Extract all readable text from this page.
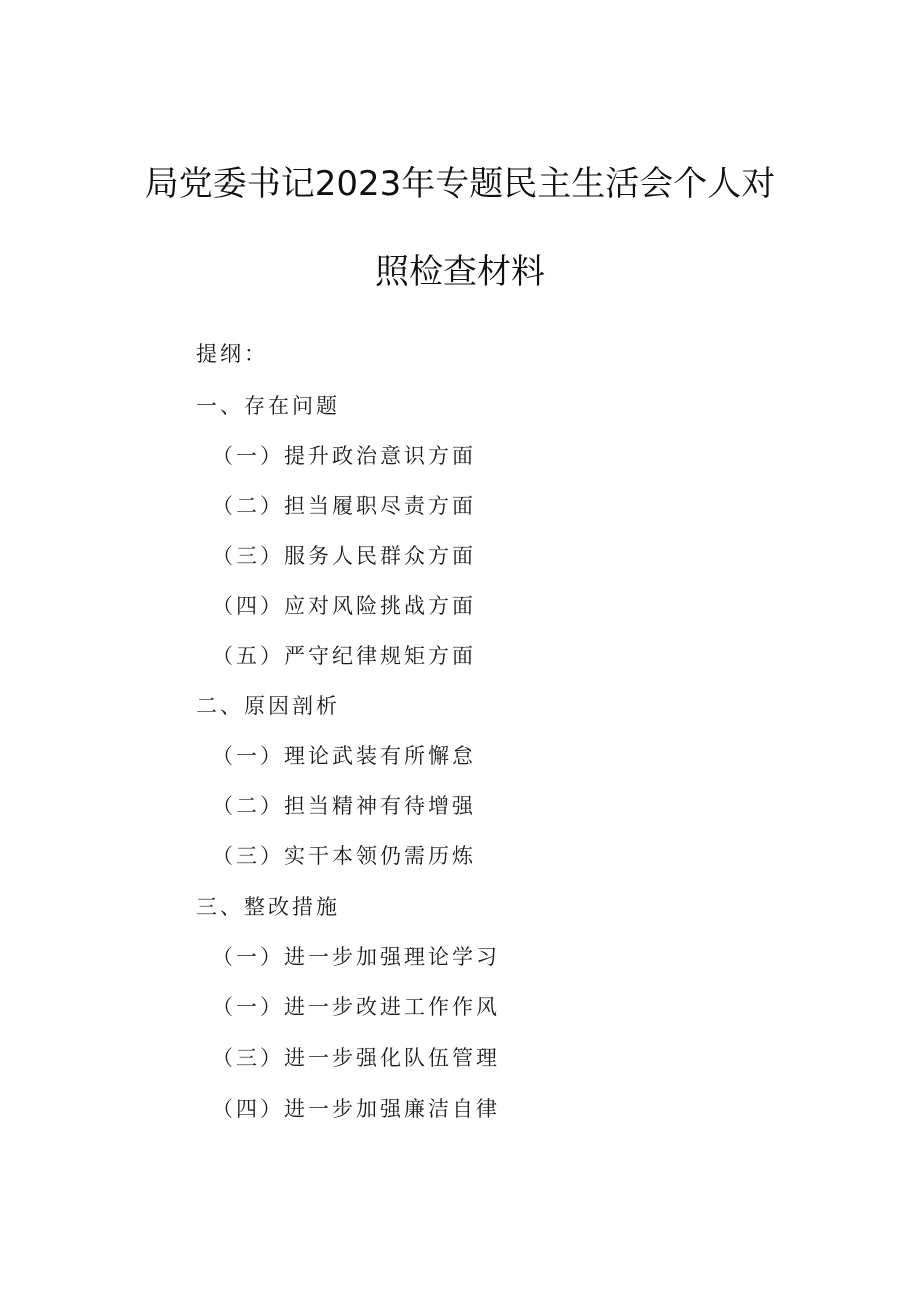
局党委书记2023年专题民主生活会个人对
照检查材料
提纲：
一、存在问题
（一）提升政治意识方面
（二）担当履职尽责方面
（三）服务人民群众方面
（四）应对风险挑战方面
（五）严守纪律规矩方面
二、原因剖析
（一）理论武装有所懈怠
（二）担当精神有待增强
（三）实干本领仍需历炼
三、整改措施
（一）进一步加强理论学习
（一）进一步改进工作作风
（三）进一步强化队伍管理
（四）进一步加强廉洁自律
